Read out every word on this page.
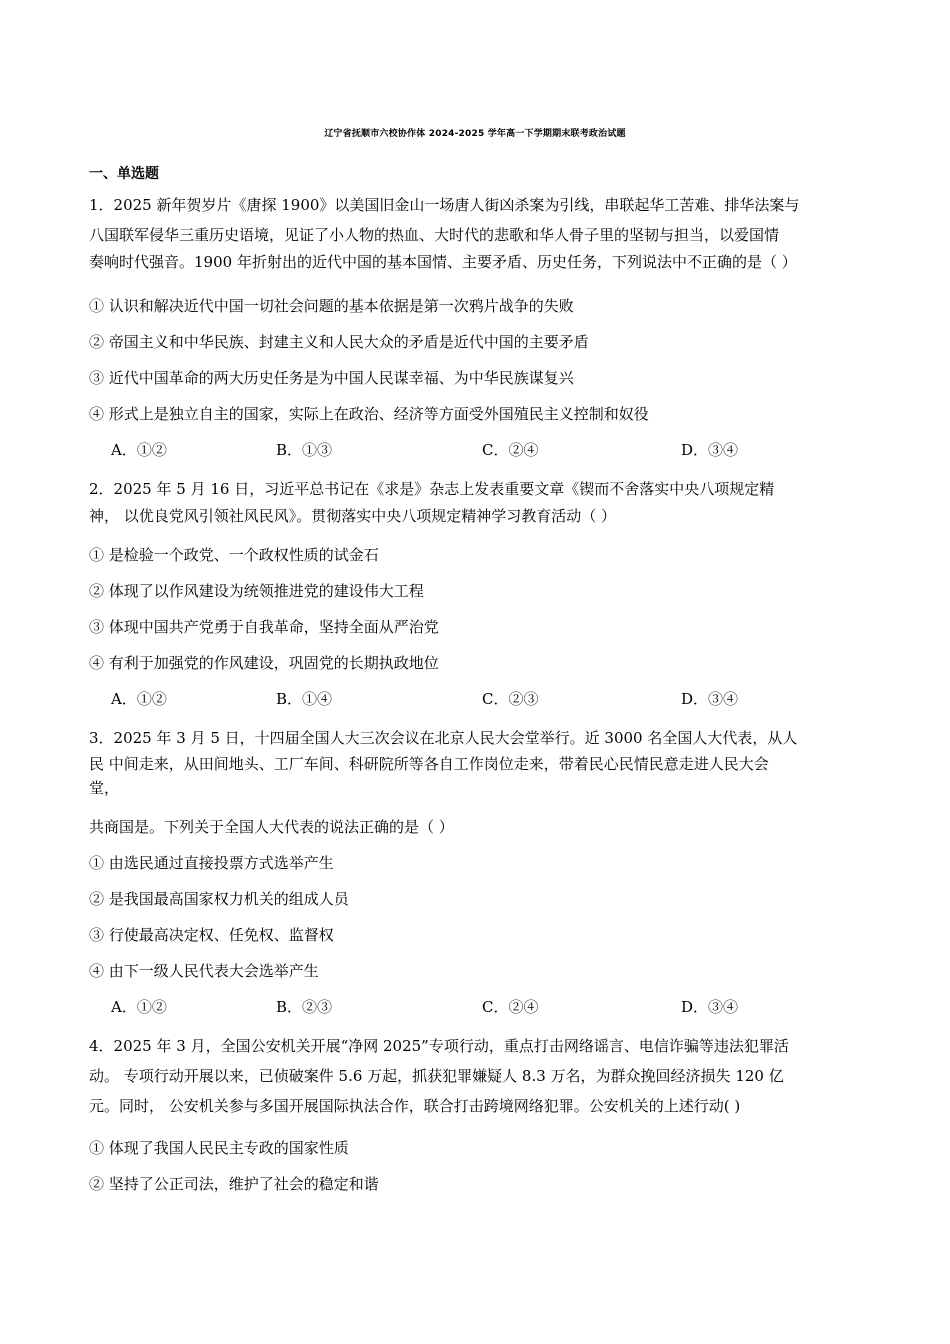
辽宁省抚顺市六校协作体 2024-2025 学年高一下学期期末联考政治试题
一、单选题
1．2025 新年贺岁片《唐探 1900》以美国旧金山一场唐人街凶杀案为引线，串联起华工苦难、排华法案与
八国联军侵华三重历史语境，见证了小人物的热血、大时代的悲歌和华人骨子里的坚韧与担当，以爱国情
奏响时代强音。1900 年折射出的近代中国的基本国情、主要矛盾、历史任务，下列说法中不正确的是（ ）
① 认识和解决近代中国一切社会问题的基本依据是第一次鸦片战争的失败
② 帝国主义和中华民族、封建主义和人民大众的矛盾是近代中国的主要矛盾
③ 近代中国革命的两大历史任务是为中国人民谋幸福、为中华民族谋复兴
④ 形式上是独立自主的国家，实际上在政治、经济等方面受外国殖民主义控制和奴役
A．①②	B．①③	C．②④	D．③④
2．2025 年 5 月 16 日，习近平总书记在《求是》杂志上发表重要文章《锲而不舍落实中央八项规定精
神， 以优良党风引领社风民风》。贯彻落实中央八项规定精神学习教育活动（ ）
① 是检验一个政党、一个政权性质的试金石
② 体现了以作风建设为统领推进党的建设伟大工程
③ 体现中国共产党勇于自我革命，坚持全面从严治党
④ 有利于加强党的作风建设，巩固党的长期执政地位
A．①②	B．①④	C．②③	D．③④
3．2025 年 3 月 5 日，十四届全国人大三次会议在北京人民大会堂举行。近 3000 名全国人大代表，从人
民 中间走来，从田间地头、工厂车间、科研院所等各自工作岗位走来，带着民心民情民意走进人民大会
堂，
共商国是。下列关于全国人大代表的说法正确的是（ ）
① 由选民通过直接投票方式选举产生
② 是我国最高国家权力机关的组成人员
③ 行使最高决定权、任免权、监督权
④ 由下一级人民代表大会选举产生
A．①②	B．②③	C．②④	D．③④
4．2025 年 3 月，全国公安机关开展“净网 2025”专项行动，重点打击网络谣言、电信诈骗等违法犯罪活
动。 专项行动开展以来，已侦破案件 5.6 万起，抓获犯罪嫌疑人 8.3 万名，为群众挽回经济损失 120 亿
元。同时， 公安机关参与多国开展国际执法合作，联合打击跨境网络犯罪。公安机关的上述行动( )
① 体现了我国人民民主专政的国家性质
② 坚持了公正司法，维护了社会的稳定和谐
